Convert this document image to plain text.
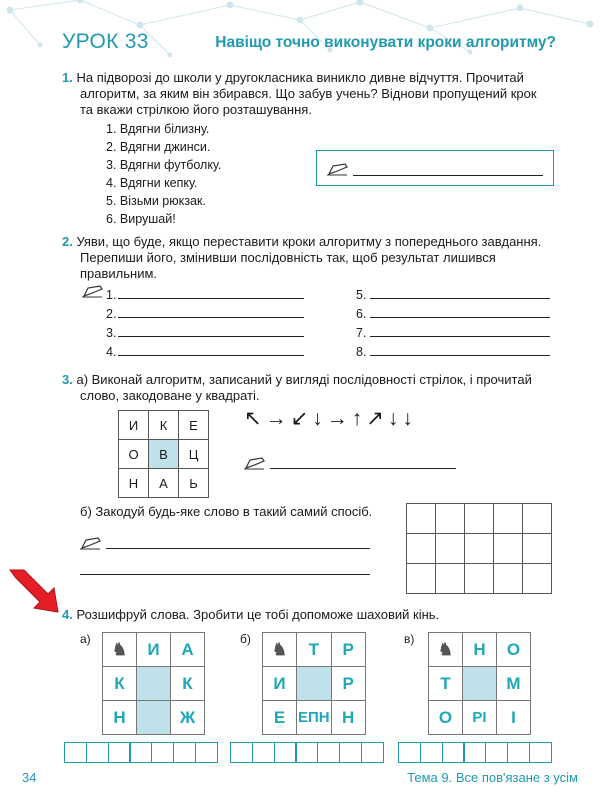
УРОК 33	Навіщо точно виконувати кроки алгоритму?
1. На підворозі до школи у другокласника виникло дивне відчуття. Прочитай
алгоритм, за яким він збирався. Що забув учень? Віднови пропущений крок
та вкажи стрілкою його розташування.
1. Вдягни білизну.
2. Вдягни джинси.
3. Вдягни футболку.
4. Вдягни кепку.
5. Візьми рюкзак.
6. Вирушай!
2. Уяви, що буде, якщо переставити кроки алгоритму з попереднього завдання.
Перепиши його, змінивши послідовність так, щоб результат лишився
правильним.
1.
2.
3.
4.
5.
6.
7.
8.
3. а) Виконай алгоритм, записаний у вигляді послідовності стрілок, і прочитай
слово, закодоване у квадраті.
И	К	Е
О	В	Ц
Н	А	Ь
↖→↙↓→↑↗↓↓
б) Закодуй будь-яке слово в такий самий спосіб.

4. Розшифруй слова. Зробити це тобі допоможе шаховий кінь.
а)
♞	И	А
К		К
Н		Ж
б)
♞	Т	Р
И		Р
Е	ЕПН	Н
в)
♞	Н	О
Т		М
О	РІ	І
34	Тема 9. Все пов'язане з усім
